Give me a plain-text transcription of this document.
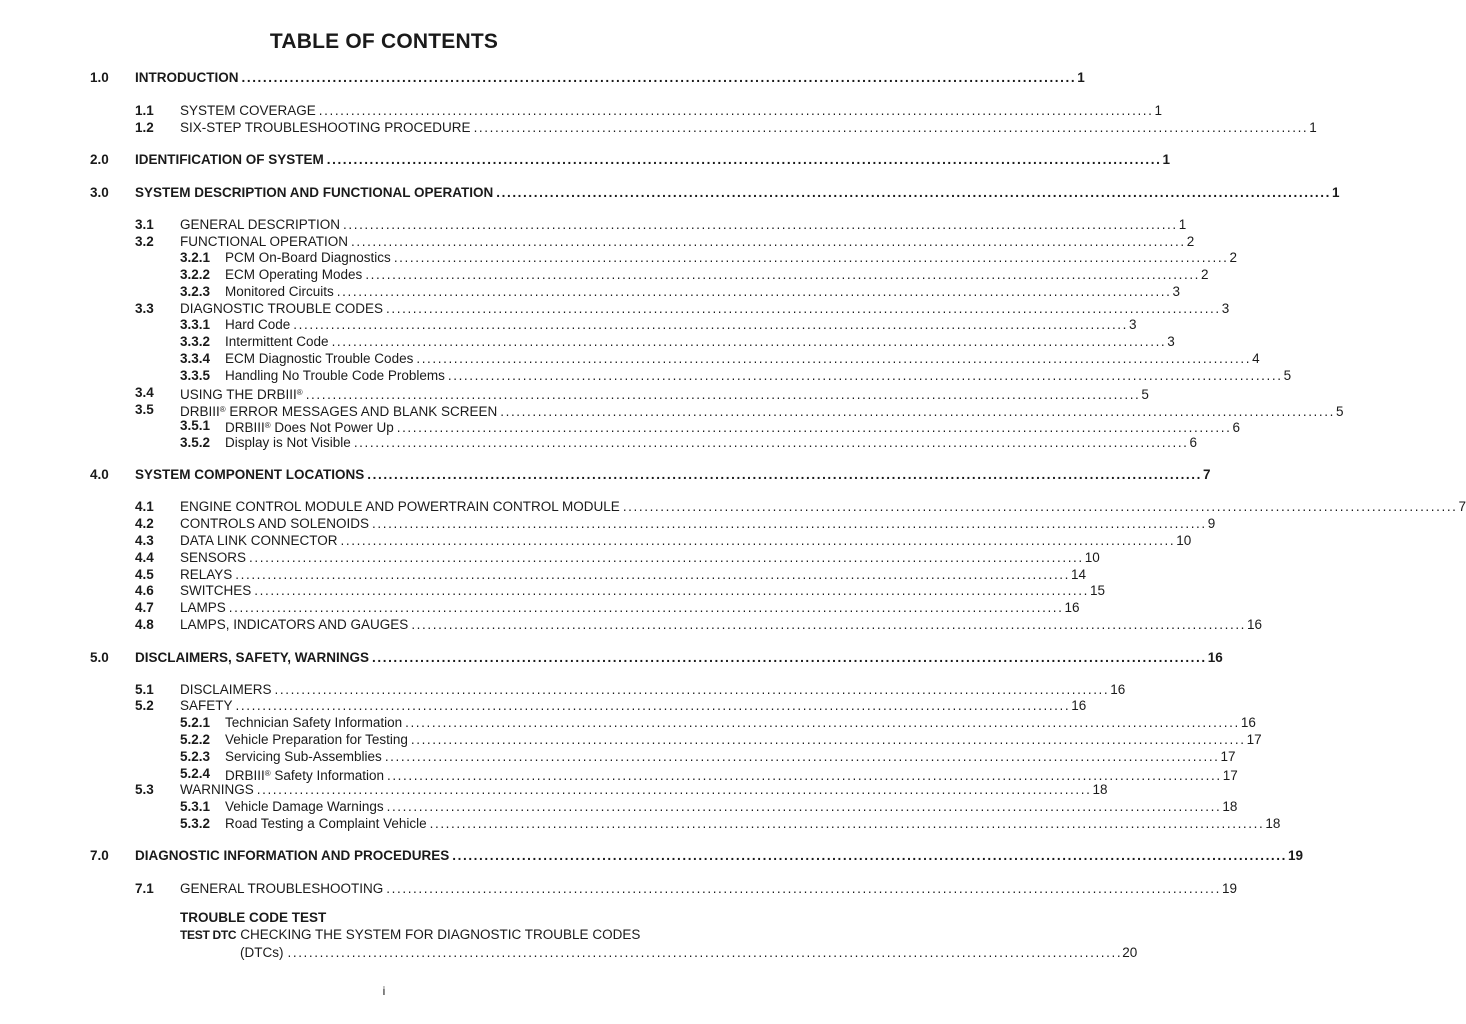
TABLE OF CONTENTS
1.0 INTRODUCTION ............................................................................................................................................................ 1
1.1 SYSTEM COVERAGE ............................................................................................................................................................ 1
1.2 SIX-STEP TROUBLESHOOTING PROCEDURE ............................................................................................................................................................ 1
2.0 IDENTIFICATION OF SYSTEM ............................................................................................................................................................ 1
3.0 SYSTEM DESCRIPTION AND FUNCTIONAL OPERATION ............................................................................................................................................................ 1
3.1 GENERAL DESCRIPTION ............................................................................................................................................................ 1
3.2 FUNCTIONAL OPERATION ............................................................................................................................................................ 2
3.2.1 PCM On-Board Diagnostics ............................................................................................................................................................ 2
3.2.2 ECM Operating Modes ............................................................................................................................................................ 2
3.2.3 Monitored Circuits ............................................................................................................................................................ 3
3.3 DIAGNOSTIC TROUBLE CODES ............................................................................................................................................................ 3
3.3.1 Hard Code ............................................................................................................................................................ 3
3.3.2 Intermittent Code ............................................................................................................................................................ 3
3.3.4 ECM Diagnostic Trouble Codes ............................................................................................................................................................ 4
3.3.5 Handling No Trouble Code Problems ............................................................................................................................................................ 5
3.4 USING THE DRBIII® ............................................................................................................................................................ 5
3.5 DRBIII® ERROR MESSAGES AND BLANK SCREEN ............................................................................................................................................................ 5
3.5.1 DRBIII® Does Not Power Up ............................................................................................................................................................ 6
3.5.2 Display is Not Visible ............................................................................................................................................................ 6
4.0 SYSTEM COMPONENT LOCATIONS ............................................................................................................................................................ 7
4.1 ENGINE CONTROL MODULE AND POWERTRAIN CONTROL MODULE ............................................................................................................................................................ 7
4.2 CONTROLS AND SOLENOIDS ............................................................................................................................................................ 9
4.3 DATA LINK CONNECTOR ............................................................................................................................................................ 10
4.4 SENSORS ............................................................................................................................................................ 10
4.5 RELAYS ............................................................................................................................................................ 14
4.6 SWITCHES ............................................................................................................................................................ 15
4.7 LAMPS ............................................................................................................................................................ 16
4.8 LAMPS, INDICATORS AND GAUGES ............................................................................................................................................................ 16
5.0 DISCLAIMERS, SAFETY, WARNINGS ............................................................................................................................................................ 16
5.1 DISCLAIMERS ............................................................................................................................................................ 16
5.2 SAFETY ............................................................................................................................................................ 16
5.2.1 Technician Safety Information ............................................................................................................................................................ 16
5.2.2 Vehicle Preparation for Testing ............................................................................................................................................................ 17
5.2.3 Servicing Sub-Assemblies ............................................................................................................................................................ 17
5.2.4 DRBIII® Safety Information ............................................................................................................................................................ 17
5.3 WARNINGS ............................................................................................................................................................ 18
5.3.1 Vehicle Damage Warnings ............................................................................................................................................................ 18
5.3.2 Road Testing a Complaint Vehicle ............................................................................................................................................................ 18
7.0 DIAGNOSTIC INFORMATION AND PROCEDURES ............................................................................................................................................................ 19
7.1 GENERAL TROUBLESHOOTING ............................................................................................................................................................ 19
TROUBLE CODE TEST
TEST DTC CHECKING THE SYSTEM FOR DIAGNOSTIC TROUBLE CODES
(DTCs) ............................................................................................................................................................ 20
i
